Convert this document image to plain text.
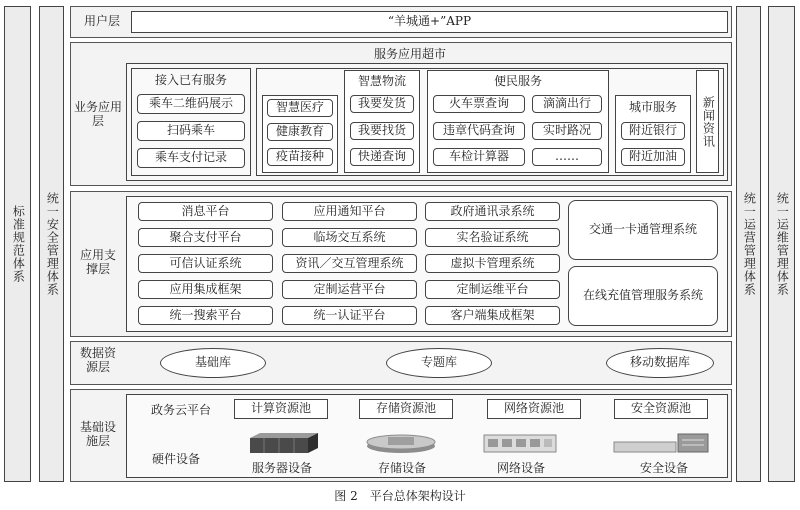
标准规范体系 统一安全管理体系	统一运营管理体系 统一运维管理体系
用户层	“羊城通+”APP
业务应用层
服务应用超市
接入已有服务
乘车二维码展示
扫码乘车
乘车支付记录
智慧医疗
健康教育
疫苗接种
智慧物流
我要发货
我要找货
快递查询
便民服务
火车票查询
违章代码查询
车检计算器
滴滴出行
实时路况
……
城市服务
附近银行
附近加油
新闻资讯
应用支撑层
消息平台
聚合支付平台
可信认证系统
应用集成框架
统一搜索平台
应用通知平台
临场交互系统
资讯／交互管理系统
定制运营平台
统一认证平台
政府通讯录系统
实名验证系统
虚拟卡管理系统
定制运维平台
客户端集成框架
交通一卡通管理系统
在线充值管理服务系统
数据资源层	基础库	专题库	移动数据库
基础设施层
政务云平台	计算资源池	存储资源池	网络资源池	安全资源池
硬件设备
服务器设备	存储设备	网络设备	安全设备
图 2　平台总体架构设计
